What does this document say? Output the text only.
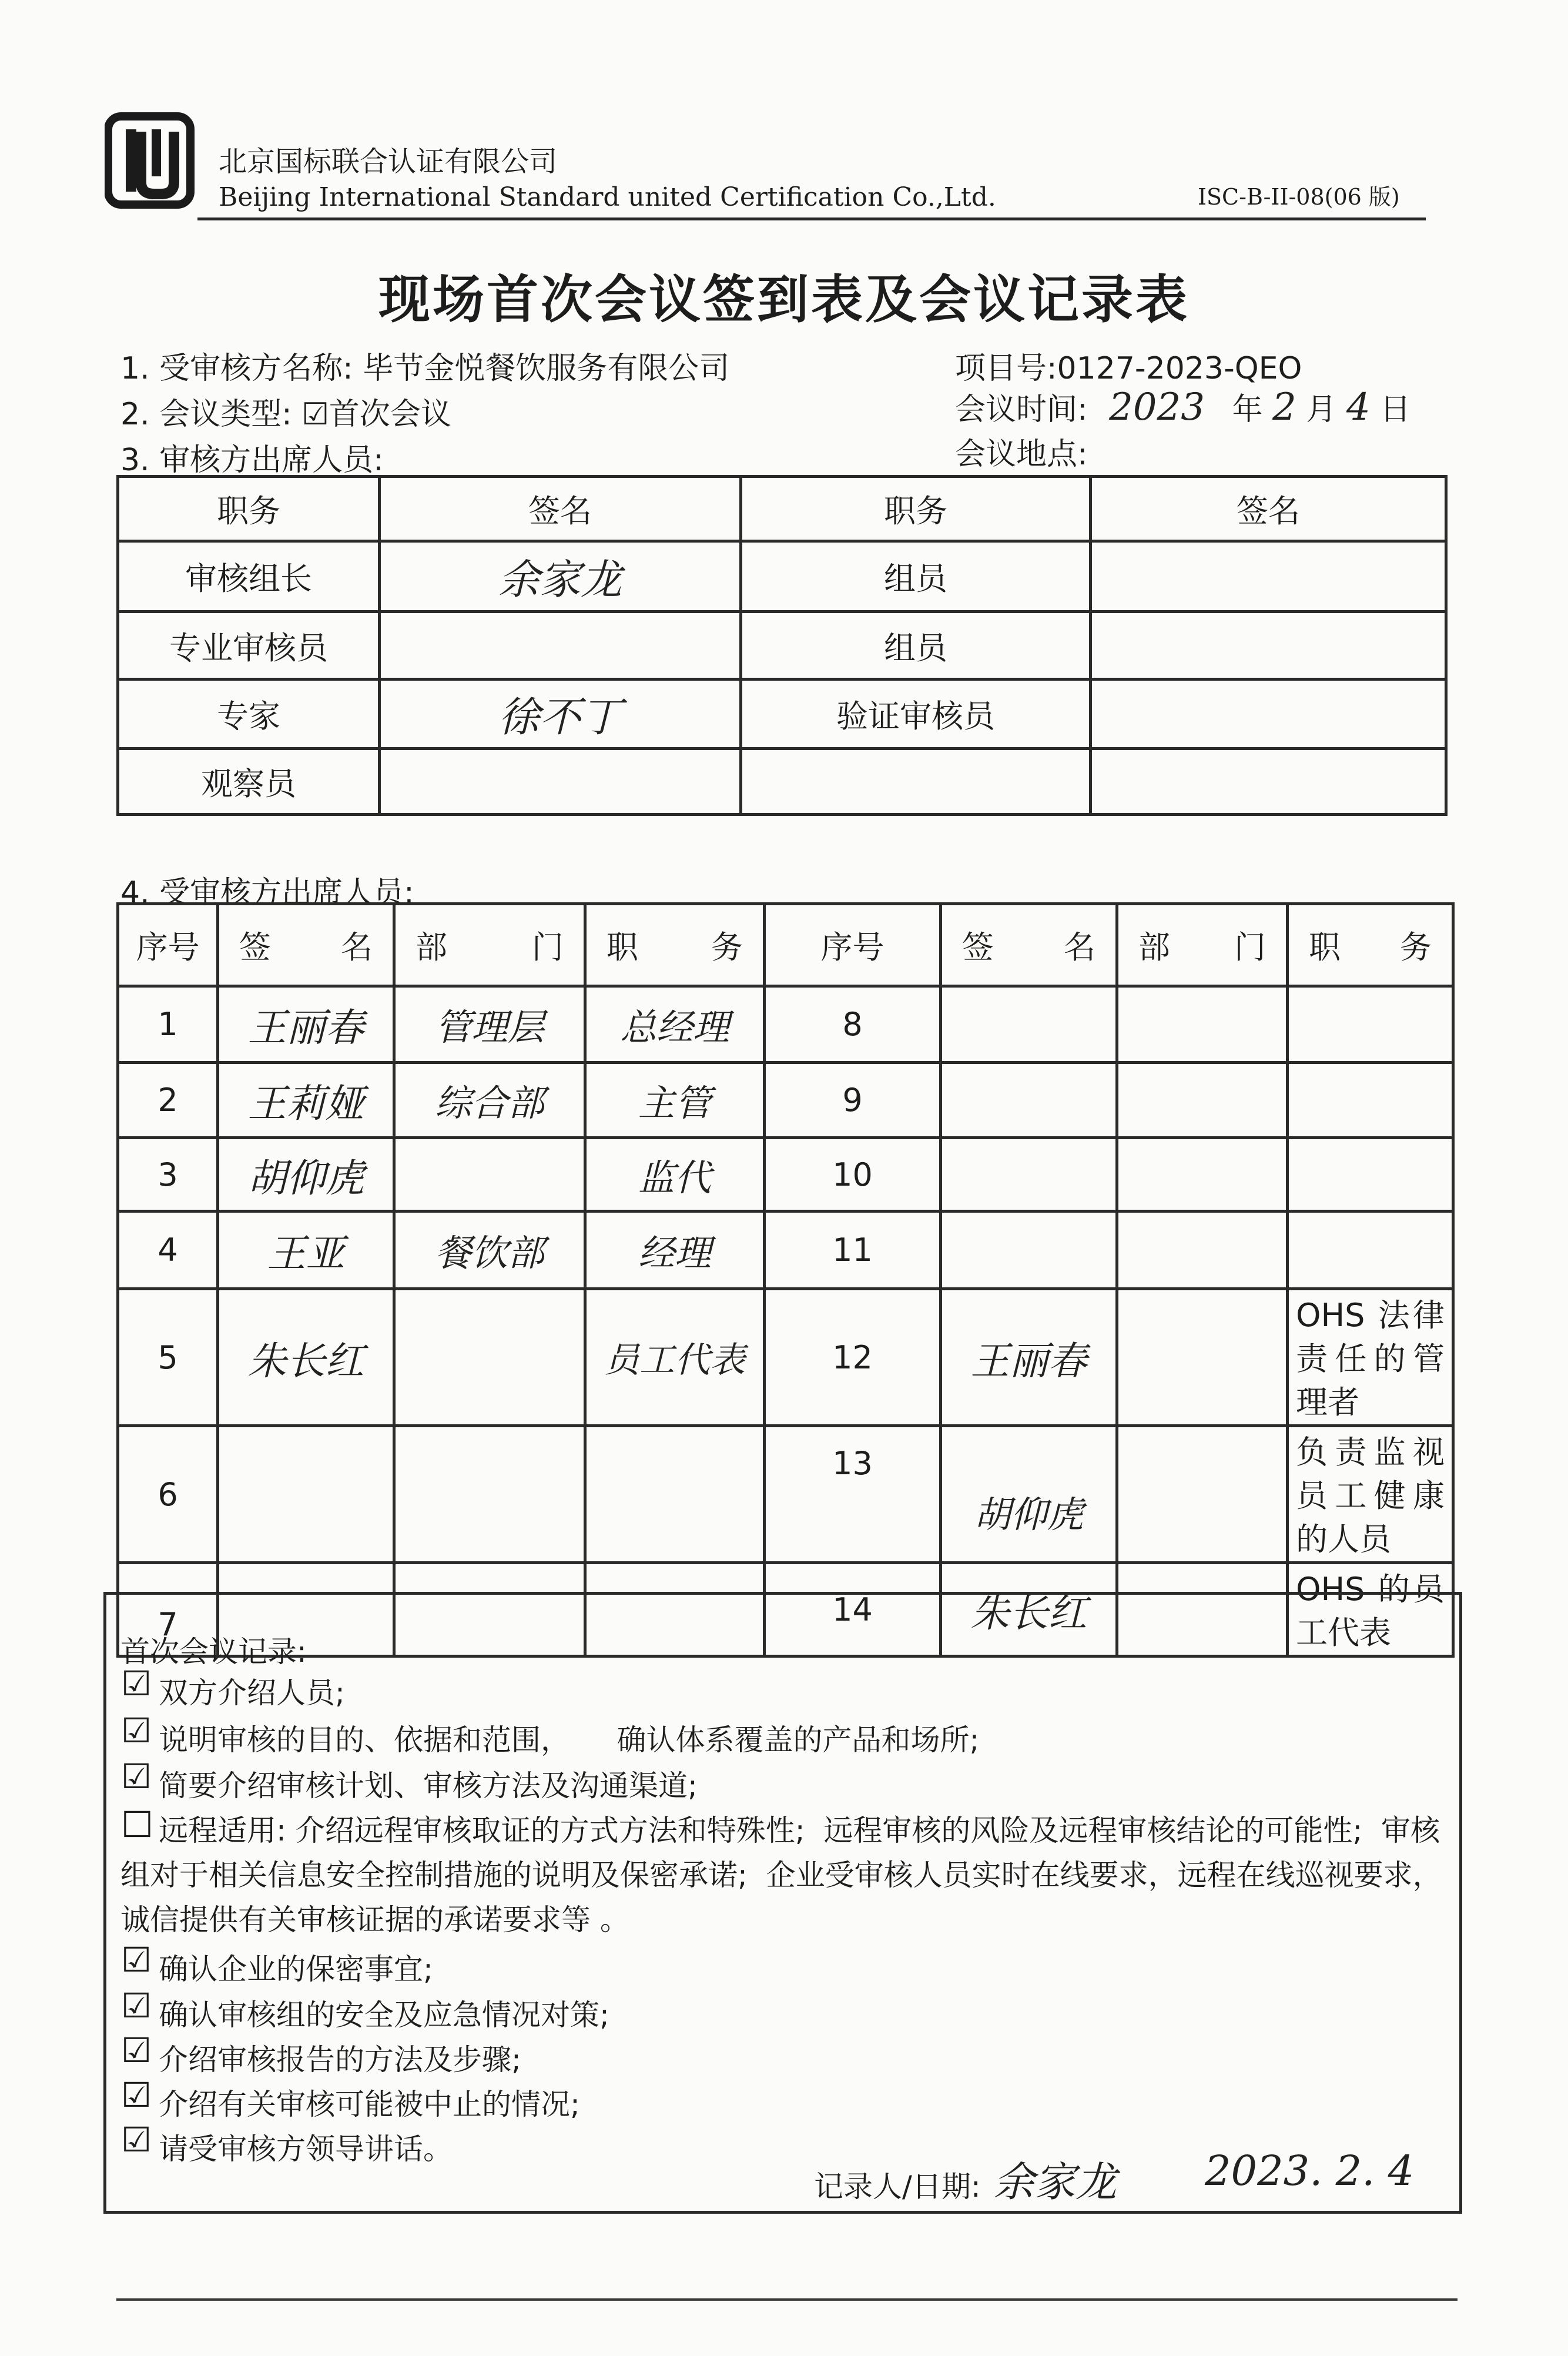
北京国标联合认证有限公司
Beijing International Standard united Certification Co.,Ltd.	ISC-B-II-08(06 版)
现场首次会议签到表及会议记录表
1. 受审核方名称: 毕节金悦餐饮服务有限公司	项目号:0127-2023-QEO
2. 会议类型: ☑首次会议	会议时间: 2023 年 2 月 4 日
3. 审核方出席人员:	会议地点:
职务	签名	职务	签名
审核组长	余家龙	组员	
专业审核员		组员	
专家	徐不丁	验证审核员	
观察员			
4. 受审核方出席人员:
序号	签 名	部 门	职 务	序号	签 名	部 门	职 务

1	王丽春	管理层	总经理	8			
2	王莉娅	综合部	主管	9			
3	胡仰虎		监代	10			
4	王亚	餐饮部	经理	11			
5	朱长红		员工代表	12	王丽春		OHS 法律责任的管理者
6				13	胡仰虎		负责监视员工健康的人员
7				14	朱长红		OHS 的员工代表
首次会议记录:
☑ 双方介绍人员;
☑ 说明审核的目的、依据和范围，     确认体系覆盖的产品和场所;
☑ 简要介绍审核计划、审核方法及沟通渠道;
□ 远程适用: 介绍远程审核取证的方式方法和特殊性;  远程审核的风险及远程审核结论的可能性;  审核
组对于相关信息安全控制措施的说明及保密承诺;  企业受审核人员实时在线要求，远程在线巡视要求，
诚信提供有关审核证据的承诺要求等 。
☑ 确认企业的保密事宜;
☑ 确认审核组的安全及应急情况对策;
☑ 介绍审核报告的方法及步骤;
☑ 介绍有关审核可能被中止的情况;
☑ 请受审核方领导讲话。
记录人/日期: 余家龙 2023. 2. 4
